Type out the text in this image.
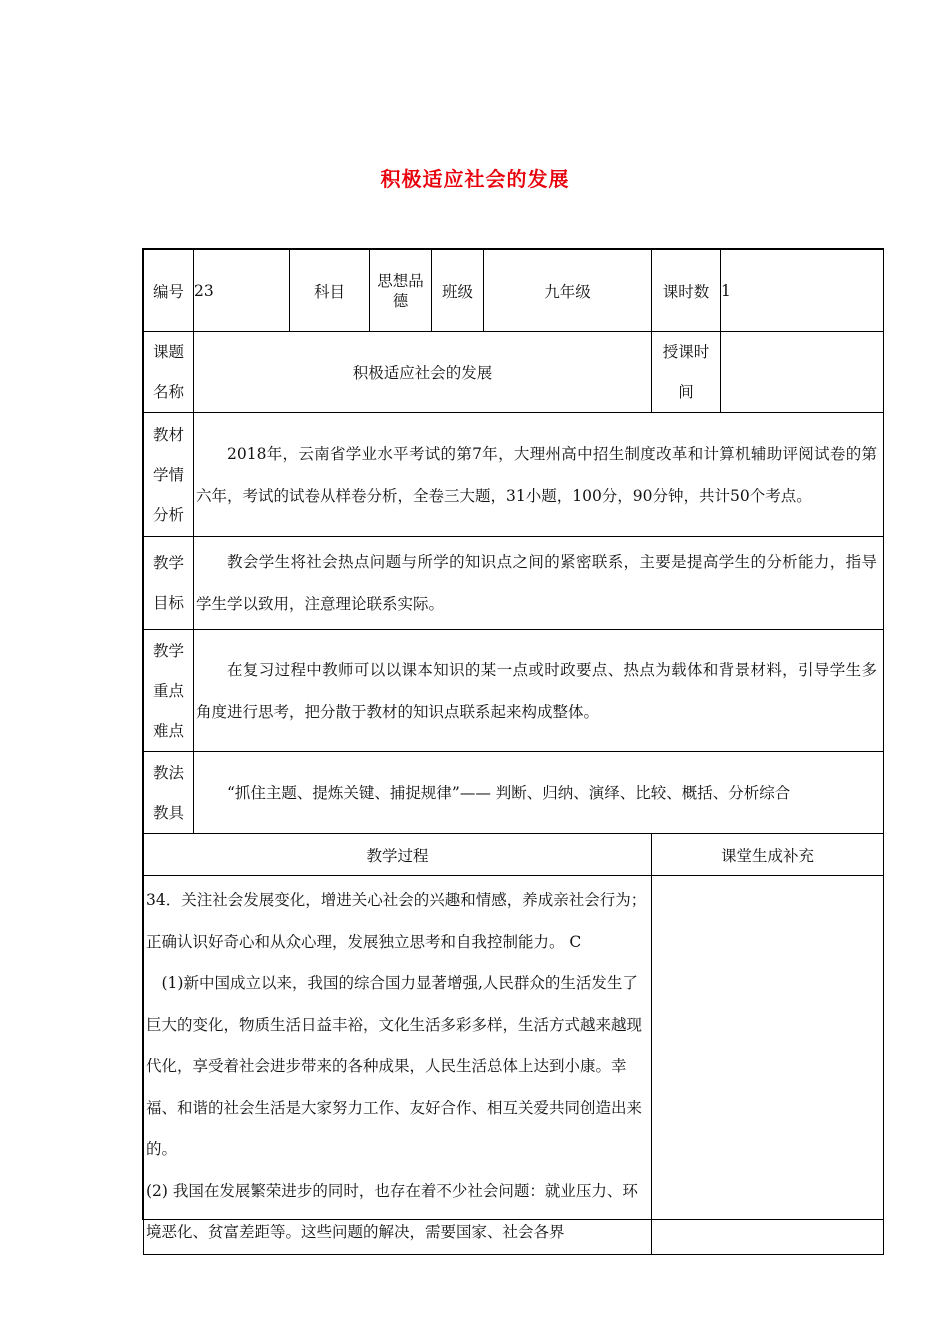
积极适应社会的发展
编号	23	科目	思想品德	班级	九年级	课时数	1
课题名称	积极适应社会的发展					授课时间	
教材学情分析	2018年，云南省学业水平考试的第7年，大理州高中招生制度改革和计算机辅助评阅试卷的第六年，考试的试卷从样卷分析，全卷三大题，31小题，100分，90分钟，共计50个考点。						
教学目标	教会学生将社会热点问题与所学的知识点之间的紧密联系，主要是提高学生的分析能力，指导学生学以致用，注意理论联系实际。						
教学重点难点	在复习过程中教师可以以课本知识的某一点或时政要点、热点为载体和背景材料，引导学生多角度进行思考，把分散于教材的知识点联系起来构成整体。						
教法教具	“抓住主题、提炼关键、捕捉规律”—— 判断、归纳、演绎、比较、概括、分析综合						
教学过程						课堂生成补充	

34．关注社会发展变化，增进关心社会的兴趣和情感，养成亲社会行为；正确认识好奇心和从众心理，发展独立思考和自我控制能力。 C

(1)新中国成立以来，我国的综合国力显著增强,人民群众的生活发生了巨大的变化，物质生活日益丰裕，文化生活多彩多样，生活方式越来越现代化，享受着社会进步带来的各种成果，人民生活总体上达到小康。幸福、和谐的社会生活是大家努力工作、友好合作、相互关爱共同创造出来的。

(2) 我国在发展繁荣进步的同时，也存在着不少社会问题：就业压力、环境恶化、贫富差距等。这些问题的解决，需要国家、社会各界							
